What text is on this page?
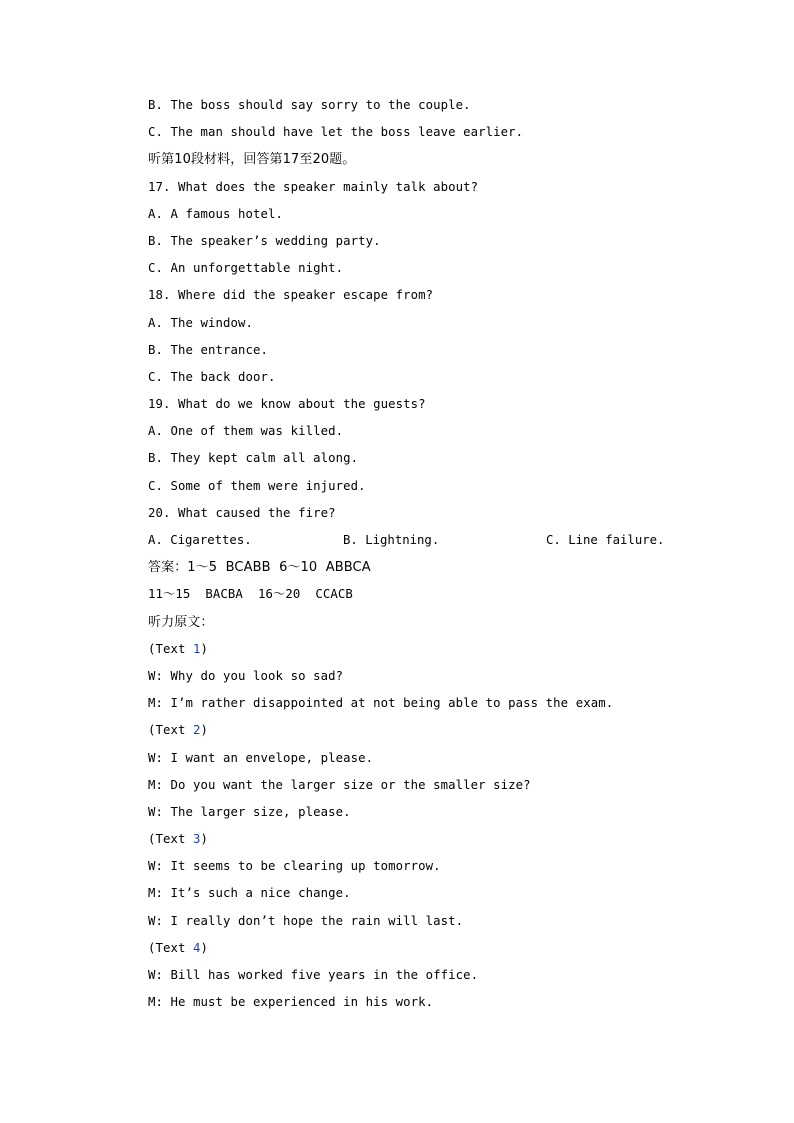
B. The boss should say sorry to the couple.
C. The man should have let the boss leave earlier.
听第10段材料，回答第17至20题。
17. What does the speaker mainly talk about?
A. A famous hotel.
B. The speaker’s wedding party.
C. An unforgettable night.
18. Where did the speaker escape from?
A. The window.
B. The entrance.
C. The back door.
19. What do we know about the guests?
A. One of them was killed.
B. They kept calm all along.
C. Some of them were injured.
20. What caused the fire?
A. Cigarettes.	B. Lightning.	C. Line failure.
答案：1～5  BCABB  6～10  ABBCA
11～15  BACBA  16～20  CCACB
听力原文：
(Text 1)
W: Why do you look so sad?
M: I’m rather disappointed at not being able to pass the exam.
(Text 2)
W: I want an envelope, please.
M: Do you want the larger size or the smaller size?
W: The larger size, please.
(Text 3)
W: It seems to be clearing up tomorrow.
M: It’s such a nice change.
W: I really don’t hope the rain will last.
(Text 4)
W: Bill has worked five years in the office.
M: He must be experienced in his work.
